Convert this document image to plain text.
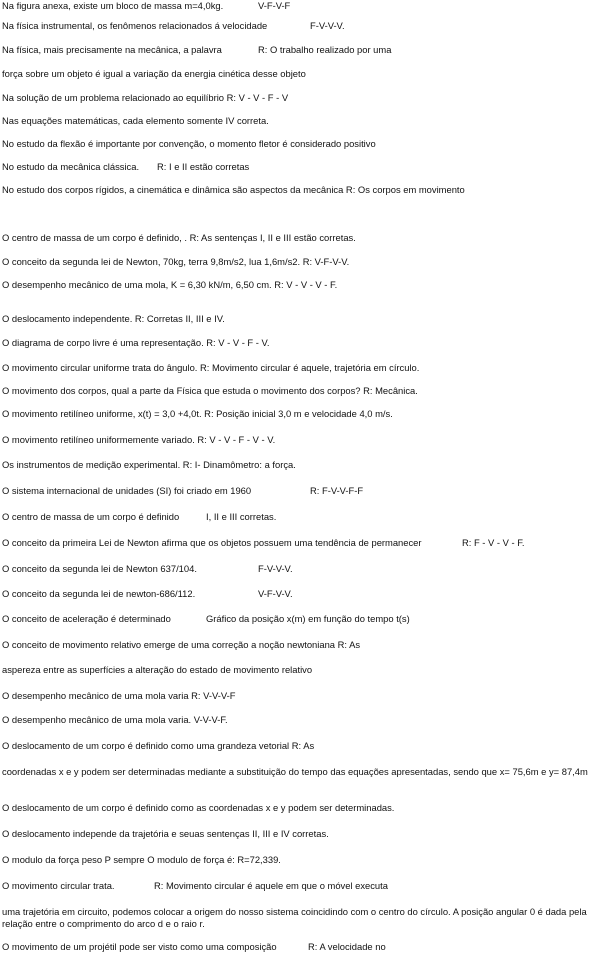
Na figura anexa, existe um bloco de massa m=4,0kg.	V-F-V-F
Na física instrumental, os fenômenos relacionados á velocidade	F-V-V-V.
Na física, mais precisamente na mecânica, a palavra	R: O trabalho realizado por uma
força sobre um objeto é igual a variação da energia cinética desse objeto
Na solução de um problema relacionado ao equilíbrio R: V - V - F - V
Nas equações matemáticas, cada elemento somente IV correta.
No estudo da flexão é importante por convenção, o momento fletor é considerado positivo
No estudo da mecânica clássica. R: I e II estão corretas
No estudo dos corpos rígidos, a cinemática e dinâmica são aspectos da mecânica R: Os corpos em movimento
O centro de massa de um corpo é definido, . R: As sentenças I, II e III estão corretas.
O conceito da segunda lei de Newton, 70kg, terra 9,8m/s2, lua 1,6m/s2. R: V-F-V-V.
O desempenho mecânico de uma mola, K = 6,30 kN/m, 6,50 cm. R: V - V - V - F.
O deslocamento independente. R: Corretas II, III e IV.
O diagrama de corpo livre é uma representação. R: V - V - F - V.
O movimento circular uniforme trata do ângulo. R: Movimento circular é aquele, trajetória em círculo.
O movimento dos corpos, qual a parte da Física que estuda o movimento dos corpos? R: Mecânica.
O movimento retilíneo uniforme, x(t) = 3,0 +4,0t. R: Posição inicial 3,0 m e velocidade 4,0 m/s.
O movimento retilíneo uniformemente variado. R: V - V - F - V - V.
Os instrumentos de medição experimental. R: I- Dinamômetro: a força.
O sistema internacional de unidades (SI) foi criado em 1960	R: F-V-V-F-F
O centro de massa de um corpo é definido	I, II e III corretas.
O conceito da primeira Lei de Newton afirma que os objetos possuem uma tendência de permanecer	R: F - V - V - F.
O conceito da segunda lei de Newton 637/104.	F-V-V-V.
O conceito da segunda lei de newton-686/112.	V-F-V-V.
O conceito de aceleração é determinado	Gráfico da posição x(m) em função do tempo t(s)
O conceito de movimento relativo emerge de uma correção a noção newtoniana R: As
aspereza entre as superfícies a alteração do estado de movimento relativo
O desempenho mecânico de uma mola varia R: V-V-V-F
O desempenho mecânico de uma mola varia. V-V-V-F.
O deslocamento de um corpo é definido como uma grandeza vetorial R: As
coordenadas x e y podem ser determinadas mediante a substituição do tempo das equações apresentadas, sendo que x= 75,6m e y= 87,4m
O deslocamento de um corpo é definido como as coordenadas x e y podem ser determinadas.
O deslocamento independe da trajetória e seuas sentenças II, III e IV corretas.
O modulo da força peso P sempre O modulo de força é: R=72,339.
O movimento circular trata.	R: Movimento circular é aquele em que o móvel executa
uma trajetória em circuito, podemos colocar a origem do nosso sistema coincidindo com o centro do círculo. A posição angular 0 é dada pela relação entre o comprimento do arco d e o raio r.
O movimento de um projétil pode ser visto como uma composição	R: A velocidade no
